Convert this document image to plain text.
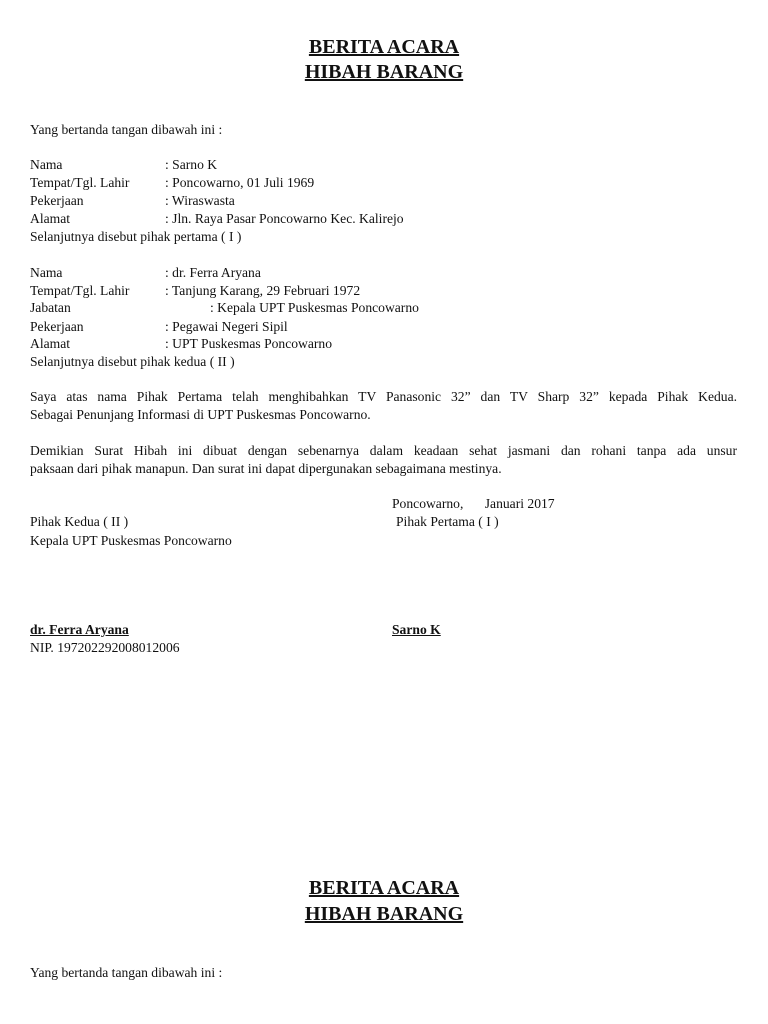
BERITA ACARA
HIBAH BARANG
Yang bertanda tangan dibawah ini :
Nama	: Sarno K
Tempat/Tgl. Lahir	: Poncowarno, 01 Juli 1969
Pekerjaan	: Wiraswasta
Alamat	: Jln. Raya Pasar Poncowarno Kec. Kalirejo
Selanjutnya disebut pihak pertama ( I )
Nama	: dr. Ferra Aryana
Tempat/Tgl. Lahir	: Tanjung Karang, 29 Februari 1972
Jabatan	: Kepala UPT Puskesmas Poncowarno
Pekerjaan	: Pegawai Negeri Sipil
Alamat	: UPT Puskesmas Poncowarno
Selanjutnya disebut pihak kedua ( II )
Saya atas nama Pihak Pertama telah menghibahkan TV Panasonic 32” dan TV Sharp 32” kepada Pihak Kedua.
Sebagai Penunjang Informasi di UPT Puskesmas Poncowarno.
Demikian Surat Hibah ini dibuat dengan sebenarnya dalam keadaan sehat jasmani dan rohani tanpa ada unsur
paksaan dari pihak manapun. Dan surat ini dapat dipergunakan sebagaimana mestinya.
Poncowarno, Januari 2017
Pihak Kedua ( II )	Pihak Pertama ( I )
Kepala UPT Puskesmas Poncowarno
dr. Ferra Aryana	Sarno K
NIP. 197202292008012006
BERITA ACARA
HIBAH BARANG
Yang bertanda tangan dibawah ini :
